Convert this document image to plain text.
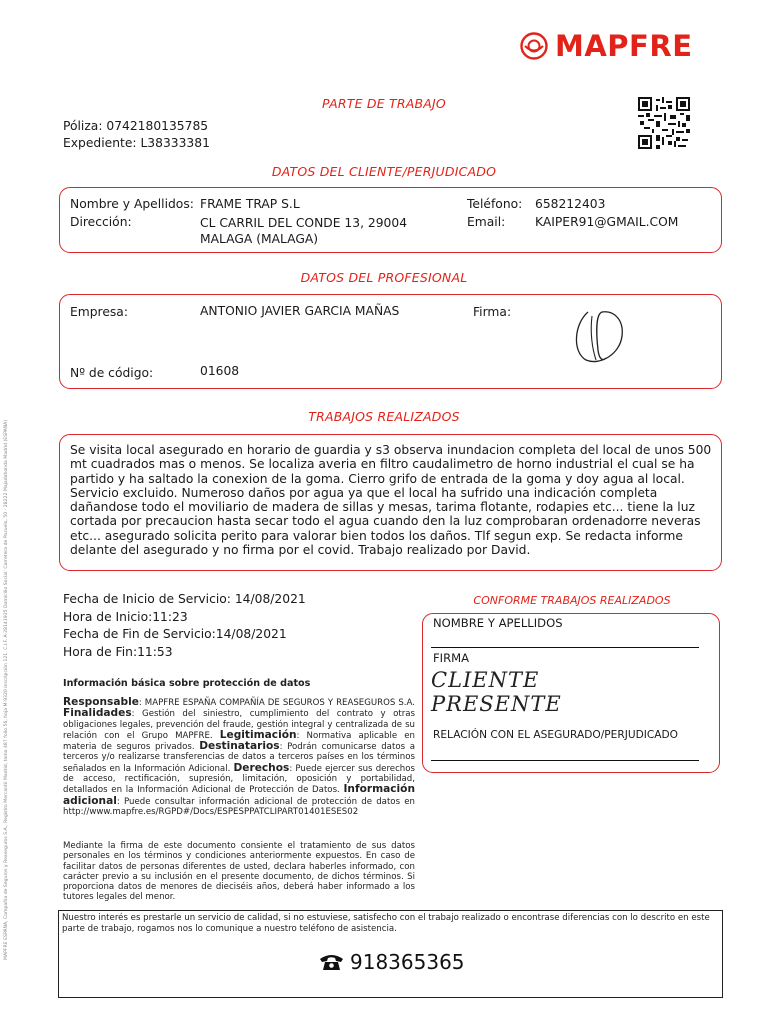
MAPFRE
PARTE DE TRABAJO
Póliza: 0742180135785
Expediente: L38333381
DATOS DEL CLIENTE/PERJUDICADO
Nombre y Apellidos: FRAME TRAP S.L
Dirección:	CL CARRIL DEL CONDE 13, 29004 MALAGA (MALAGA)
Teléfono: 658212403
Email: KAIPER91@GMAIL.COM
DATOS DEL PROFESIONAL
Empresa:	ANTONIO JAVIER GARCIA MAÑAS	Firma:
Nº de código:	01608
TRABAJOS REALIZADOS
Se visita local asegurado en horario de guardia y s3 observa inundacion completa del local de unos 500 mt cuadrados mas o menos. Se localiza averia en filtro caudalimetro de horno industrial el cual se ha partido y ha saltado la conexion de la goma. Cierro grifo de entrada de la goma y doy agua al local. Servicio excluido. Numeroso daños por agua ya que el local ha sufrido una indicación completa dañandose todo el moviliario de madera de sillas y mesas, tarima flotante, rodapies etc... tiene la luz cortada por precaucion hasta secar todo el agua cuando den la luz comprobaran ordenadorre neveras etc... asegurado solicita perito para valorar bien todos los daños. Tlf segun exp. Se redacta informe delante del asegurado y no firma por el covid. Trabajo realizado por David.
Fecha de Inicio de Servicio: 14/08/2021
Hora de Inicio:11:23
Fecha de Fin de Servicio:14/08/2021
Hora de Fin:11:53
CONFORME TRABAJOS REALIZADOS
NOMBRE Y APELLIDOS
FIRMA
CLIENTE PRESENTE
RELACIÓN CON EL ASEGURADO/PERJUDICADO
Información básica sobre protección de datos
Responsable: MAPFRE ESPAÑA COMPAÑÍA DE SEGUROS Y REASEGUROS S.A. Finalidades: Gestión del siniestro, cumplimiento del contrato y otras obligaciones legales, prevención del fraude, gestión integral y centralizada de su relación con el Grupo MAPFRE. Legitimación: Normativa aplicable en materia de seguros privados. Destinatarios: Podrán comunicarse datos a terceros y/o realizarse transferencias de datos a terceros países en los términos señalados en la Información Adicional. Derechos: Puede ejercer sus derechos de acceso, rectificación, supresión, limitación, oposición y portabilidad, detallados en la Información Adicional de Protección de Datos. Información adicional: Puede consultar información adicional de protección de datos en http://www.mapfre.es/RGPD#/Docs/ESPESPPATCLIPART01401ESES02
Mediante la firma de este documento consiente el tratamiento de sus datos personales en los términos y condiciones anteriormente expuestos. En caso de facilitar datos de personas diferentes de usted, declara haberles informado, con carácter previo a su inclusión en el presente documento, de dichos términos. Si proporciona datos de menores de dieciséis años, deberá haber informado a los tutores legales del menor.
Nuestro interés es prestarle un servicio de calidad, si no estuviese, satisfecho con el trabajo realizado o encontrase diferencias con lo descrito en este parte de trabajo, rogamos nos lo comunique a nuestro teléfono de asistencia.
918365365
MAPFRE ESPAÑA, Compañía de Seguros y Reaseguros S.A., Registro Mercantil Madrid, tomo 487 folio 56, hoja M-9320 inscripción 121. C.I.F. A-28141935 Domicilio Social: Carretera de Pozuelo, 50 - 28222 Majadahonda Madrid (ESPAÑA)
